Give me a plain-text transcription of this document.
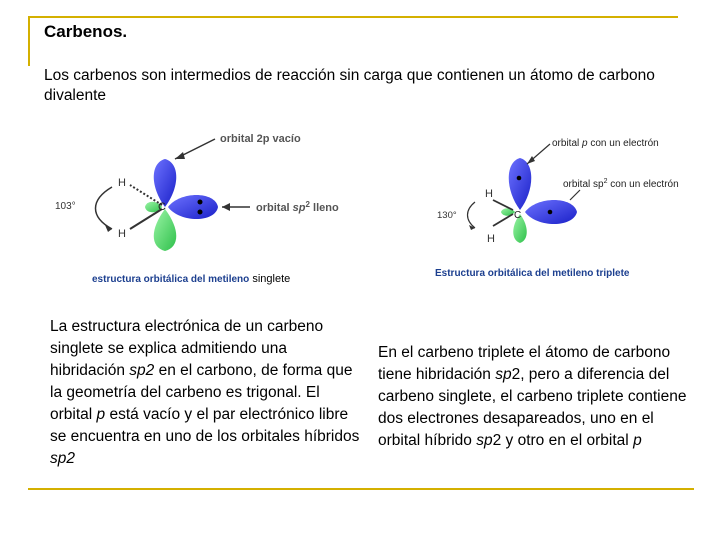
Carbenos.

Los carbenos son intermedios de reacción sin carga que contienen un átomo de carbono divalente

H
H
C
103°
orbital 2p vacío
orbital $sp^2$ lleno
estructura orbitálica del metileno singlete
H
H
C
130°
orbital p con un electrón
orbital $sp^2$ con un electrón
Estructura orbitálica del metileno triplete

La estructura electrónica de un carbeno singlete se explica admitiendo una hibridación sp2 en el carbono, de forma que la geometría del carbeno es trigonal. El orbital p está vacío y el par electrónico libre se encuentra en uno de los orbitales híbridos sp2

En el carbeno triplete el átomo de carbono tiene hibridación sp2, pero a diferencia del carbeno singlete, el carbeno triplete contiene dos electrones desapareados, uno en el orbital híbrido sp2 y otro en el orbital p
